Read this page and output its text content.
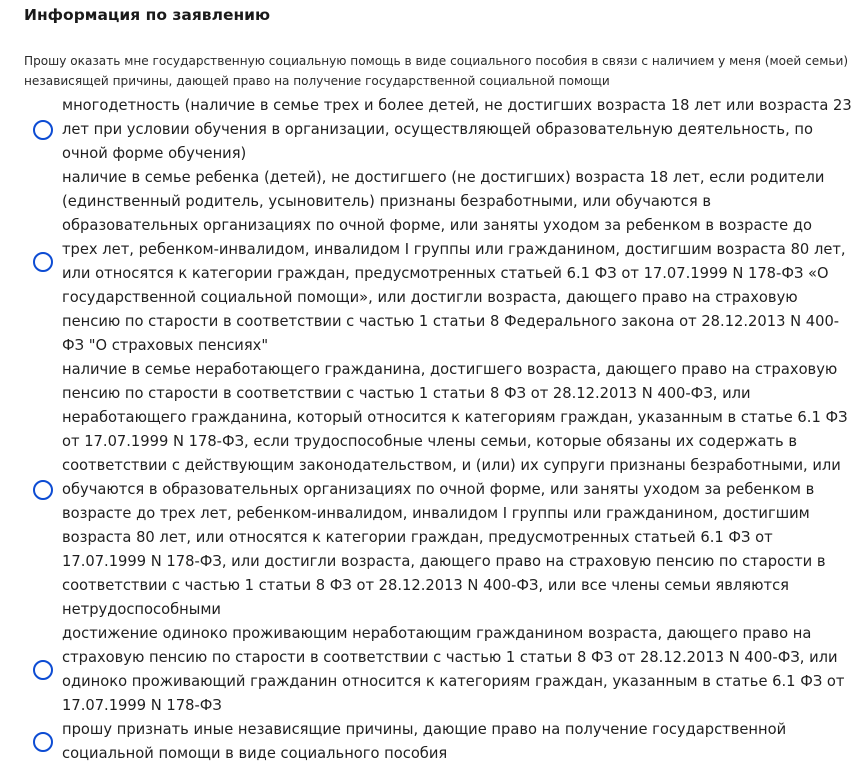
Информация по заявлению

Прошу оказать мне государственную социальную помощь в виде социального пособия в связи с наличием у меня (моей семьи) независящей причины, дающей право на получение государственной социальной помощи

многодетность (наличие в семье трех и более детей, не достигших возраста 18 лет или возраста 23 лет при условии обучения в организации, осуществляющей образовательную деятельность, по очной форме обучения)
наличие в семье ребенка (детей), не достигшего (не достигших) возраста 18 лет, если родители (единственный родитель, усыновитель) признаны безработными, или обучаются в образовательных организациях по очной форме, или заняты уходом за ребенком в возрасте до трех лет, ребенком-инвалидом, инвалидом I группы или гражданином, достигшим возраста 80 лет, или относятся к категории граждан, предусмотренных статьей 6.1 ФЗ от 17.07.1999 N 178-ФЗ «О государственной социальной помощи», или достигли возраста, дающего право на страховую пенсию по старости в соответствии с частью 1 статьи 8 Федерального закона от 28.12.2013 N 400-ФЗ "О страховых пенсиях"
наличие в семье неработающего гражданина, достигшего возраста, дающего право на страховую пенсию по старости в соответствии с частью 1 статьи 8 ФЗ от 28.12.2013 N 400-ФЗ, или неработающего гражданина, который относится к категориям граждан, указанным в статье 6.1 ФЗ от 17.07.1999 N 178-ФЗ, если трудоспособные члены семьи, которые обязаны их содержать в соответствии с действующим законодательством, и (или) их супруги признаны безработными, или обучаются в образовательных организациях по очной форме, или заняты уходом за ребенком в возрасте до трех лет, ребенком-инвалидом, инвалидом I группы или гражданином, достигшим возраста 80 лет, или относятся к категории граждан, предусмотренных статьей 6.1 ФЗ от 17.07.1999 N 178-ФЗ, или достигли возраста, дающего право на страховую пенсию по старости в соответствии с частью 1 статьи 8 ФЗ от 28.12.2013 N 400-ФЗ, или все члены семьи являются нетрудоспособными
достижение одиноко проживающим неработающим гражданином возраста, дающего право на страховую пенсию по старости в соответствии с частью 1 статьи 8 ФЗ от 28.12.2013 N 400-ФЗ, или одиноко проживающий гражданин относится к категориям граждан, указанным в статье 6.1 ФЗ от 17.07.1999 N 178-ФЗ
прошу признать иные независящие причины, дающие право на получение государственной социальной помощи в виде социального пособия
